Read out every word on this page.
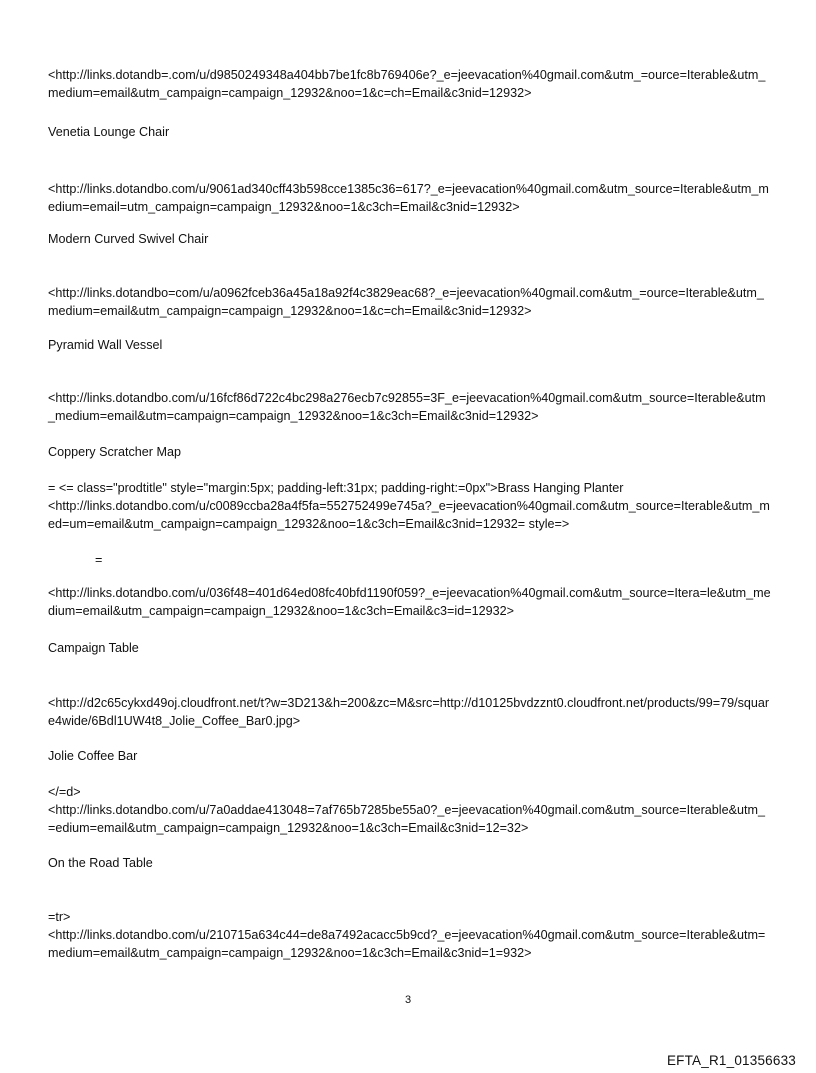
<http://links.dotandb=.com/u/d9850249348a404bb7be1fc8b769406e?_e=jeevacation%40gmail.com&utm_=ource=Iterable&utm_medium=email&utm_campaign=campaign_12932&noo=1&c=ch=Email&c3nid=12932>

Venetia Lounge Chair

<http://links.dotandbo.com/u/9061ad340cff43b598cce1385c36=617?_e=jeevacation%40gmail.com&utm_source=Iterable&utm_medium=email=utm_campaign=campaign_12932&noo=1&c3ch=Email&c3nid=12932>

Modern Curved Swivel Chair

<http://links.dotandbo=com/u/a0962fceb36a45a18a92f4c3829eac68?_e=jeevacation%40gmail.com&utm_=ource=Iterable&utm_medium=email&utm_campaign=campaign_12932&noo=1&c=ch=Email&c3nid=12932>

Pyramid Wall Vessel

<http://links.dotandbo.com/u/16fcf86d722c4bc298a276ecb7c92855=3F_e=jeevacation%40gmail.com&utm_source=Iterable&utm_medium=email&utm=campaign=campaign_12932&noo=1&c3ch=Email&c3nid=12932>

Coppery Scratcher Map

= <= class="prodtitle" style="margin:5px; padding-left:31px; padding-right:=0px">Brass Hanging Planter
<http://links.dotandbo.com/u/c0089ccba28a4f5fa=552752499e745a?_e=jeevacation%40gmail.com&utm_source=Iterable&utm_med=um=email&utm_campaign=campaign_12932&noo=1&c3ch=Email&c3nid=12932= style=>

=

<http://links.dotandbo.com/u/036f48=401d64ed08fc40bfd1190f059?_e=jeevacation%40gmail.com&utm_source=Itera=le&utm_medium=email&utm_campaign=campaign_12932&noo=1&c3ch=Email&c3=id=12932>

Campaign Table

<http://d2c65cykxd49oj.cloudfront.net/t?w=3D213&h=200&zc=M&src=http://d10125bvdzznt0.cloudfront.net/products/99=79/square4wide/6Bdl1UW4t8_Jolie_Coffee_Bar0.jpg>

Jolie Coffee Bar

</=d>
<http://links.dotandbo.com/u/7a0addae413048=7af765b7285be55a0?_e=jeevacation%40gmail.com&utm_source=Iterable&utm_=edium=email&utm_campaign=campaign_12932&noo=1&c3ch=Email&c3nid=12=32>

On the Road Table

=tr>
<http://links.dotandbo.com/u/210715a634c44=de8a7492acacc5b9cd?_e=jeevacation%40gmail.com&utm_source=Iterable&utm=medium=email&utm_campaign=campaign_12932&noo=1&c3ch=Email&c3nid=1=932>

3
EFTA_R1_01356633
